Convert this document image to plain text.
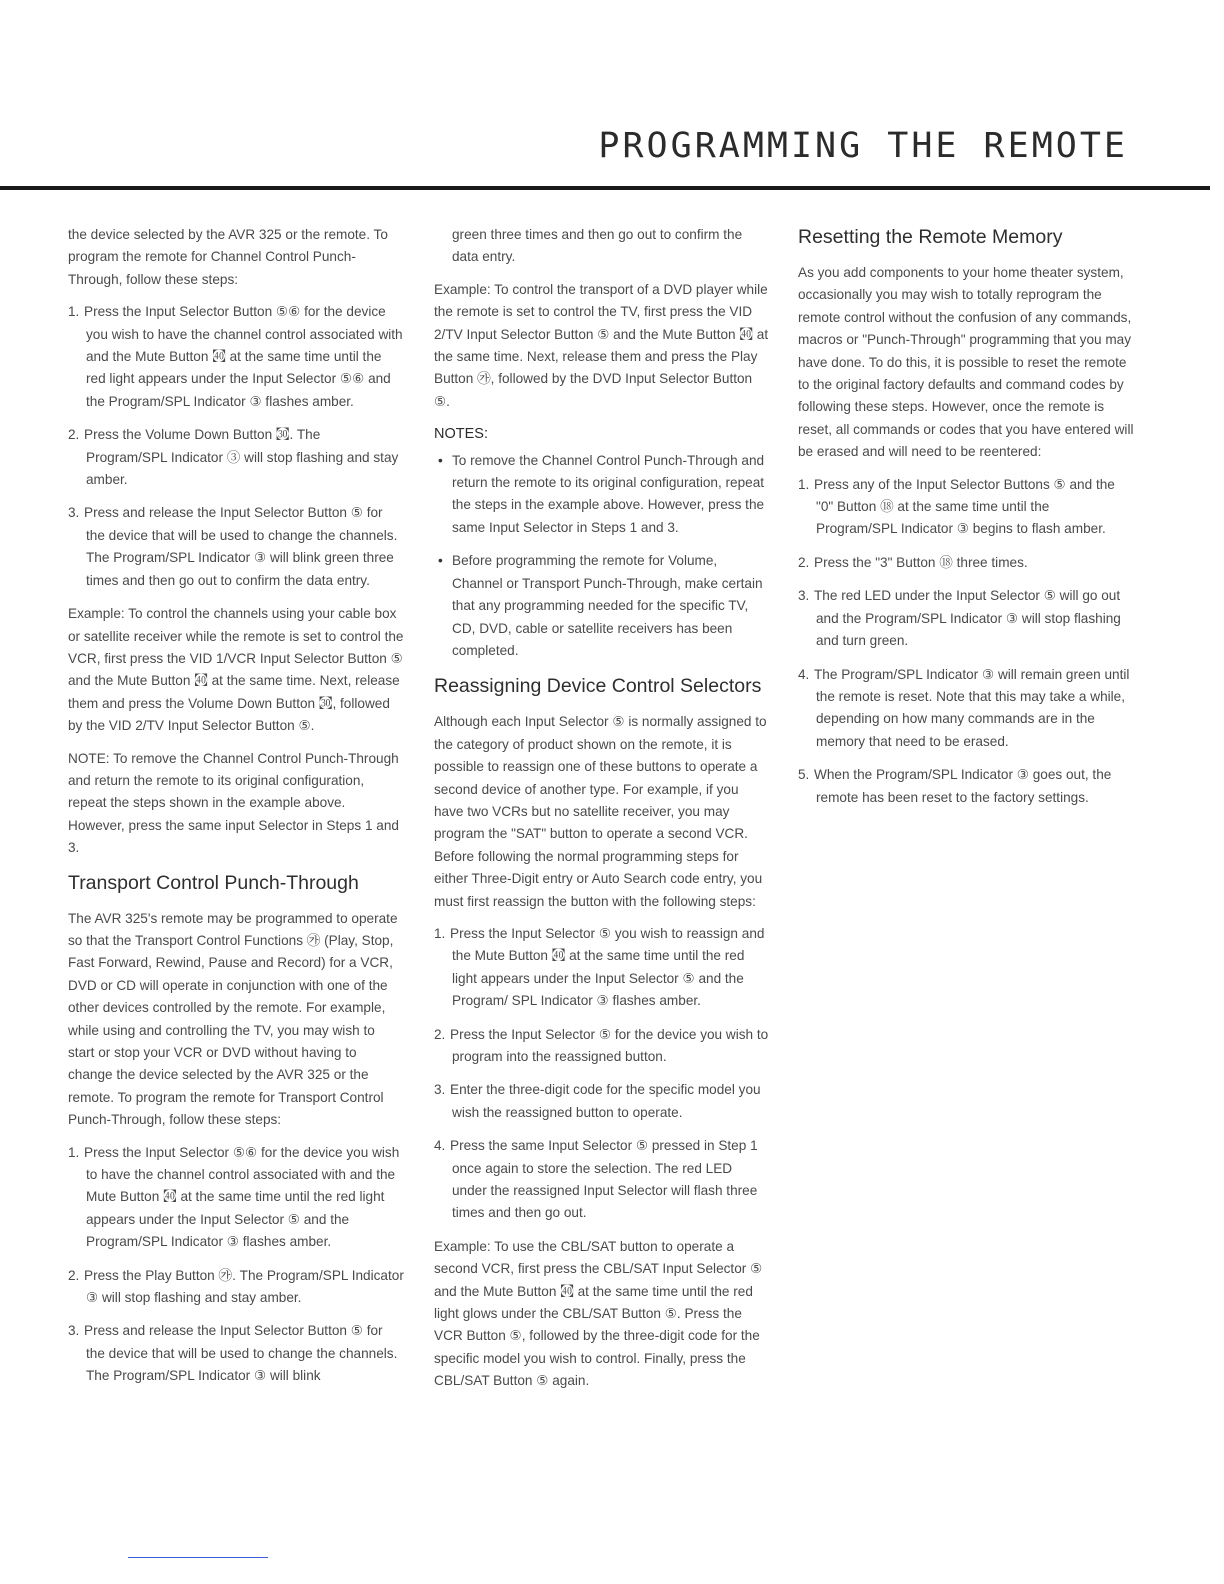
PROGRAMMING THE REMOTE

the device selected by the AVR 325 or the remote. To program the remote for Channel Control Punch-Through, follow these steps:

1. Press the Input Selector Button ⑤⑥ for the device you wish to have the channel control associated with and the Mute Button ㉋ at the same time until the red light appears under the Input Selector ⑤⑥ and the Program/SPL Indicator ③ flashes amber.
2. Press the Volume Down Button ㉊. The Program/SPL Indicator ③ will stop flashing and stay amber.
3. Press and release the Input Selector Button ⑤ for the device that will be used to change the channels. The Program/SPL Indicator ③ will blink green three times and then go out to confirm the data entry.

Example: To control the channels using your cable box or satellite receiver while the remote is set to control the VCR, first press the VID 1/VCR Input Selector Button ⑤ and the Mute Button ㉋ at the same time. Next, release them and press the Volume Down Button ㉊, followed by the VID 2/TV Input Selector Button ⑤.

NOTE: To remove the Channel Control Punch-Through and return the remote to its original configuration, repeat the steps shown in the example above. However, press the same input Selector in Steps 1 and 3.

Transport Control Punch-Through

The AVR 325's remote may be programmed to operate so that the Transport Control Functions ㉮ (Play, Stop, Fast Forward, Rewind, Pause and Record) for a VCR, DVD or CD will operate in conjunction with one of the other devices controlled by the remote. For example, while using and controlling the TV, you may wish to start or stop your VCR or DVD without having to change the device selected by the AVR 325 or the remote. To program the remote for Transport Control Punch-Through, follow these steps:

1. Press the Input Selector ⑤⑥ for the device you wish to have the channel control associated with and the Mute Button ㉋ at the same time until the red light appears under the Input Selector ⑤ and the Program/SPL Indicator ③ flashes amber.
2. Press the Play Button ㉮. The Program/SPL Indicator ③ will stop flashing and stay amber.
3. Press and release the Input Selector Button ⑤ for the device that will be used to change the channels. The Program/SPL Indicator ③ will blink

green three times and then go out to confirm the data entry.

Example: To control the transport of a DVD player while the remote is set to control the TV, first press the VID 2/TV Input Selector Button ⑤ and the Mute Button ㉋ at the same time. Next, release them and press the Play Button ㉮, followed by the DVD Input Selector Button ⑤.

NOTES:
• To remove the Channel Control Punch-Through and return the remote to its original configuration, repeat the steps in the example above. However, press the same Input Selector in Steps 1 and 3.
• Before programming the remote for Volume, Channel or Transport Punch-Through, make certain that any programming needed for the specific TV, CD, DVD, cable or satellite receivers has been completed.
Reassigning Device Control Selectors

Although each Input Selector ⑤ is normally assigned to the category of product shown on the remote, it is possible to reassign one of these buttons to operate a second device of another type. For example, if you have two VCRs but no satellite receiver, you may program the "SAT" button to operate a second VCR. Before following the normal programming steps for either Three-Digit entry or Auto Search code entry, you must first reassign the button with the following steps:

1. Press the Input Selector ⑤ you wish to reassign and the Mute Button ㉋ at the same time until the red light appears under the Input Selector ⑤ and the Program/ SPL Indicator ③ flashes amber.
2. Press the Input Selector ⑤ for the device you wish to program into the reassigned button.
3. Enter the three-digit code for the specific model you wish the reassigned button to operate.
4. Press the same Input Selector ⑤ pressed in Step 1 once again to store the selection. The red LED under the reassigned Input Selector will flash three times and then go out.

Example: To use the CBL/SAT button to operate a second VCR, first press the CBL/SAT Input Selector ⑤ and the Mute Button ㉋ at the same time until the red light glows under the CBL/SAT Button ⑤. Press the VCR Button ⑤, followed by the three-digit code for the specific model you wish to control. Finally, press the CBL/SAT Button ⑤ again.

Resetting the Remote Memory

As you add components to your home theater system, occasionally you may wish to totally reprogram the remote control without the confusion of any commands, macros or "Punch-Through" programming that you may have done. To do this, it is possible to reset the remote to the original factory defaults and command codes by following these steps. However, once the remote is reset, all commands or codes that you have entered will be erased and will need to be reentered:

1. Press any of the Input Selector Buttons ⑤ and the "0" Button ⑱ at the same time until the Program/SPL Indicator ③ begins to flash amber.
2. Press the "3" Button ⑱ three times.
3. The red LED under the Input Selector ⑤ will go out and the Program/SPL Indicator ③ will stop flashing and turn green.
4. The Program/SPL Indicator ③ will remain green until the remote is reset. Note that this may take a while, depending on how many commands are in the memory that need to be erased.
5. When the Program/SPL Indicator ③ goes out, the remote has been reset to the factory settings.
